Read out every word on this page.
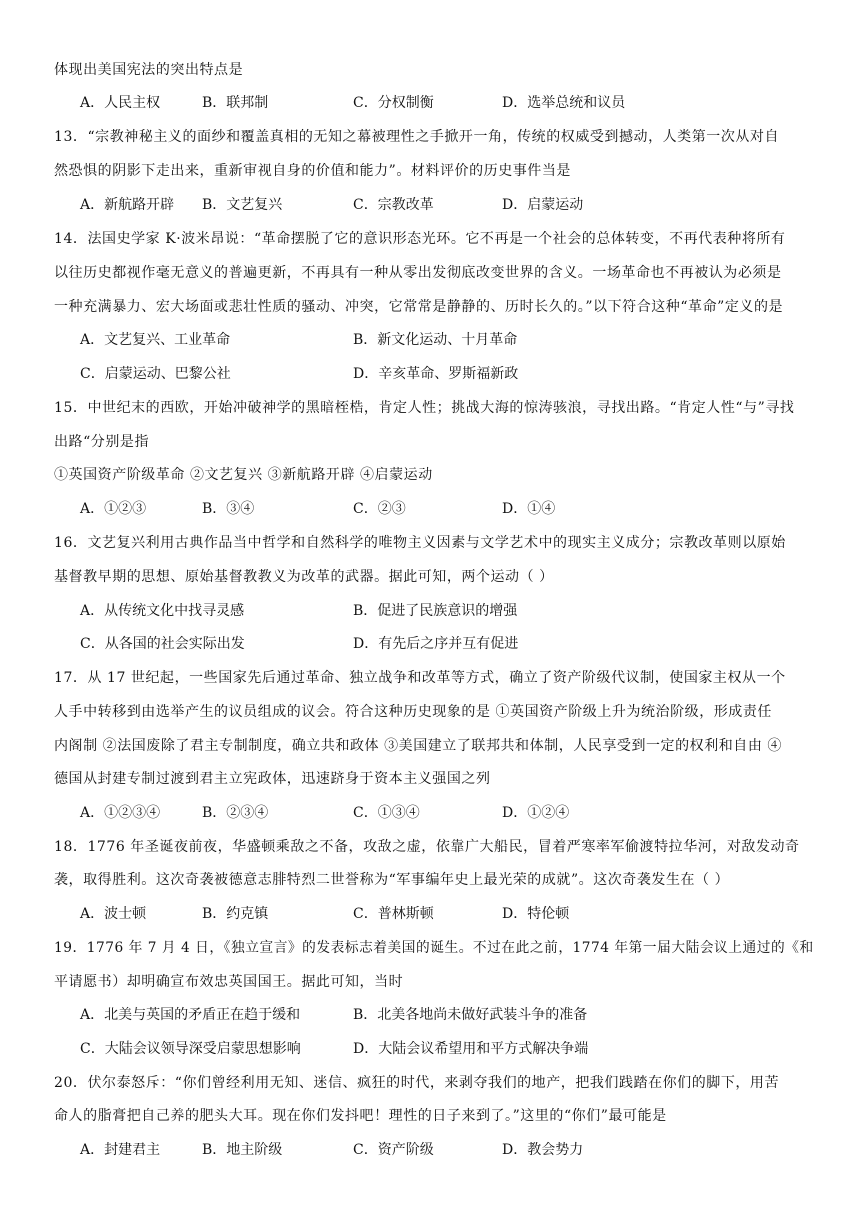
体现出美国宪法的突出特点是
A．人民主权	B．联邦制	C．分权制衡	D．选举总统和议员
13．“宗教神秘主义的面纱和覆盖真相的无知之幕被理性之手掀开一角，传统的权威受到撼动，人类第一次从对自
然恐惧的阴影下走出来，重新审视自身的价值和能力”。材料评价的历史事件当是
A．新航路开辟 B．文艺复兴	C．宗教改革	D．启蒙运动
14．法国史学家 K·波米昂说：“革命摆脱了它的意识形态光环。它不再是一个社会的总体转变，不再代表种将所有
以往历史都视作毫无意义的普遍更新，不再具有一种从零出发彻底改变世界的含义。一场革命也不再被认为必须是
一种充满暴力、宏大场面或悲壮性质的骚动、冲突，它常常是静静的、历时长久的。”以下符合这种“革命”定义的是
A．文艺复兴、工业革命	B．新文化运动、十月革命
C．启蒙运动、巴黎公社	D．辛亥革命、罗斯福新政
15．中世纪末的西欧，开始冲破神学的黑暗桎梏，肯定人性；挑战大海的惊涛骇浪，寻找出路。“肯定人性“与”寻找
出路“分别是指
①英国资产阶级革命 ②文艺复兴 ③新航路开辟 ④启蒙运动
A．①②③	B．③④	C．②③	D．①④
16．文艺复兴利用古典作品当中哲学和自然科学的唯物主义因素与文学艺术中的现实主义成分；宗教改革则以原始
基督教早期的思想、原始基督教教义为改革的武器。据此可知，两个运动（ ）
A．从传统文化中找寻灵感	B．促进了民族意识的增强
C．从各国的社会实际出发	D．有先后之序并互有促进
17．从 17 世纪起，一些国家先后通过革命、独立战争和改革等方式，确立了资产阶级代议制，使国家主权从一个
人手中转移到由选举产生的议员组成的议会。符合这种历史现象的是 ①英国资产阶级上升为统治阶级，形成责任
内阁制 ②法国废除了君主专制制度，确立共和政体 ③美国建立了联邦共和体制，人民享受到一定的权利和自由 ④
德国从封建专制过渡到君主立宪政体，迅速跻身于资本主义强国之列
A．①②③④	B．②③④	C．①③④	D．①②④
18．1776 年圣诞夜前夜，华盛顿乘敌之不备，攻敌之虚，依靠广大船民，冒着严寒率军偷渡特拉华河，对敌发动奇
袭，取得胜利。这次奇袭被德意志腓特烈二世誉称为“军事编年史上最光荣的成就”。这次奇袭发生在（ ）
A．波士顿	B．约克镇	C．普林斯顿	D．特伦顿
19．1776 年 7 月 4 日，《独立宣言》的发表标志着美国的诞生。不过在此之前，1774 年第一届大陆会议上通过的《和
平请愿书）却明确宣布效忠英国国王。据此可知，当时
A．北美与英国的矛盾正在趋于缓和	B．北美各地尚未做好武装斗争的准备
C．大陆会议领导深受启蒙思想影响	D．大陆会议希望用和平方式解决争端
20．伏尔泰怒斥：“你们曾经利用无知、迷信、疯狂的时代，来剥夺我们的地产，把我们践踏在你们的脚下，用苦
命人的脂膏把自己养的肥头大耳。现在你们发抖吧！理性的日子来到了。”这里的“你们”最可能是
A．封建君主	B．地主阶级	C．资产阶级	D．教会势力
